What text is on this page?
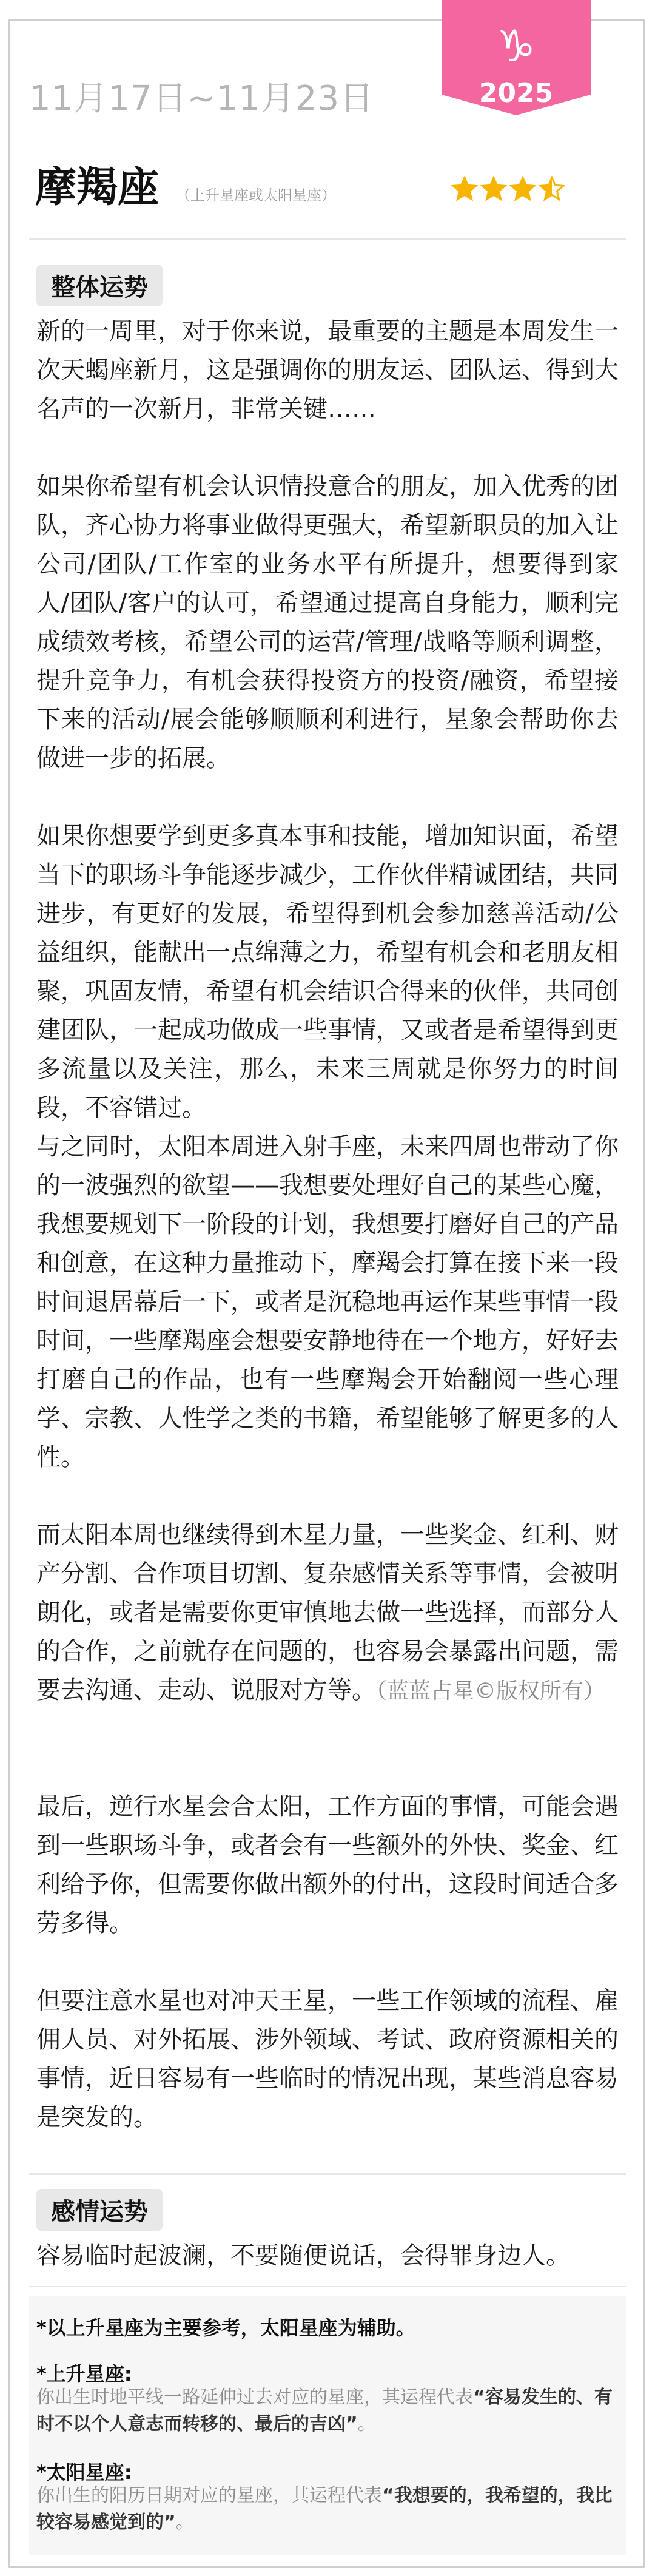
11月17日~11月23日
♑
2025
摩羯座 （上升星座或太阳星座）
整体运势

新的一周里，对于你来说，最重要的主题是本周发生一次天蝎座新月，这是强调你的朋友运、团队运、得到大名声的一次新月，非常关键……

如果你希望有机会认识情投意合的朋友，加入优秀的团队，齐心协力将事业做得更强大，希望新职员的加入让公司/团队/工作室的业务水平有所提升，想要得到家人/团队/客户的认可，希望通过提高自身能力，顺利完成绩效考核，希望公司的运营/管理/战略等顺利调整，提升竞争力，有机会获得投资方的投资/融资，希望接下来的活动/展会能够顺顺利利进行，星象会帮助你去做进一步的拓展。

如果你想要学到更多真本事和技能，增加知识面，希望当下的职场斗争能逐步减少，工作伙伴精诚团结，共同进步，有更好的发展，希望得到机会参加慈善活动/公益组织，能献出一点绵薄之力，希望有机会和老朋友相聚，巩固友情，希望有机会结识合得来的伙伴，共同创建团队，一起成功做成一些事情，又或者是希望得到更多流量以及关注，那么，未来三周就是你努力的时间段，不容错过。

与之同时，太阳本周进入射手座，未来四周也带动了你的一波强烈的欲望——我想要处理好自己的某些心魔，我想要规划下一阶段的计划，我想要打磨好自己的产品和创意，在这种力量推动下，摩羯会打算在接下来一段时间退居幕后一下，或者是沉稳地再运作某些事情一段时间，一些摩羯座会想要安静地待在一个地方，好好去打磨自己的作品，也有一些摩羯会开始翻阅一些心理学、宗教、人性学之类的书籍，希望能够了解更多的人性。

而太阳本周也继续得到木星力量，一些奖金、红利、财产分割、合作项目切割、复杂感情关系等事情，会被明朗化，或者是需要你更审慎地去做一些选择，而部分人的合作，之前就存在问题的，也容易会暴露出问题，需要去沟通、走动、说服对方等。（蓝蓝占星©版权所有）

最后，逆行水星会合太阳，工作方面的事情，可能会遇到一些职场斗争，或者会有一些额外的外快、奖金、红利给予你，但需要你做出额外的付出，这段时间适合多劳多得。

但要注意水星也对冲天王星，一些工作领域的流程、雇佣人员、对外拓展、涉外领域、考试、政府资源相关的事情，近日容易有一些临时的情况出现，某些消息容易是突发的。

感情运势

容易临时起波澜，不要随便说话，会得罪身边人。

*以上升星座为主要参考，太阳星座为辅助。
*上升星座:

你出生时地平线一路延伸过去对应的星座，其运程代表“容易发生的、有时不以个人意志而转移的、最后的吉凶”。

*太阳星座:

你出生的阳历日期对应的星座，其运程代表“我想要的，我希望的，我比较容易感觉到的”。
